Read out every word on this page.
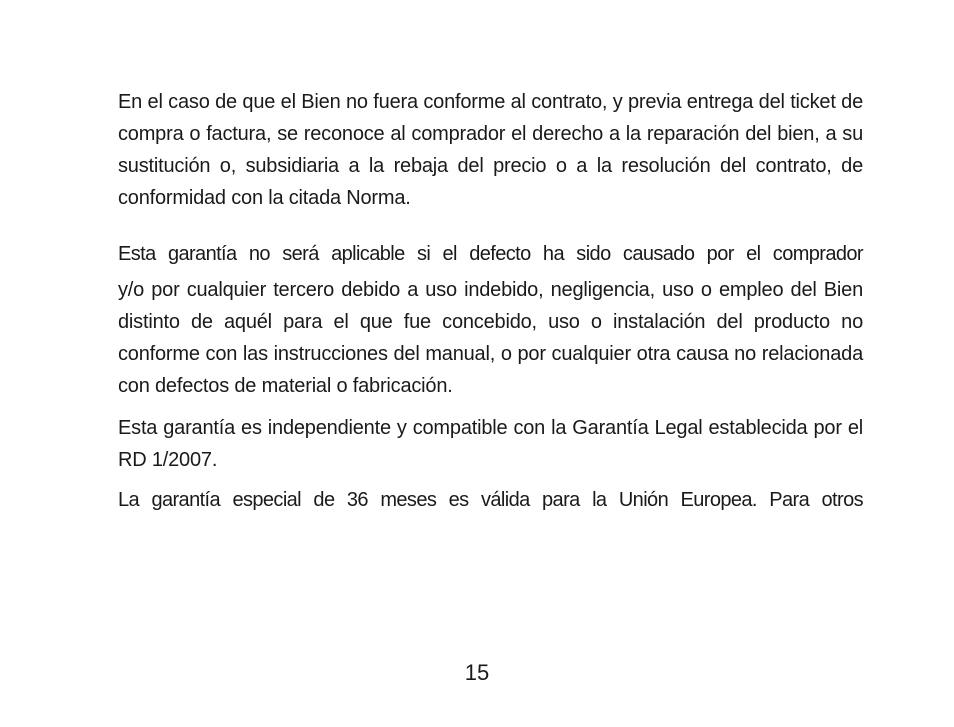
En el caso de que el Bien no fuera conforme al contrato, y previa entrega del ticket de compra o factura, se reconoce al comprador el derecho a la reparación del bien, a su sustitución o, subsidiaria a la rebaja del precio o a la resolución del contrato, de conformidad con la citada Norma.

Esta garantía no será aplicable si el defecto ha sido causado por el comprador

y/o por cualquier tercero debido a uso indebido, negligencia, uso o empleo del Bien distinto de aquél para el que fue concebido, uso o instalación del producto no conforme con las instrucciones del manual, o por cualquier otra causa no relacionada con defectos de material o fabricación.

Esta garantía es independiente y compatible con la Garantía Legal establecida por el RD 1/2007.

La garantía especial de 36 meses es válida para la Unión Europea. Para otros

15
